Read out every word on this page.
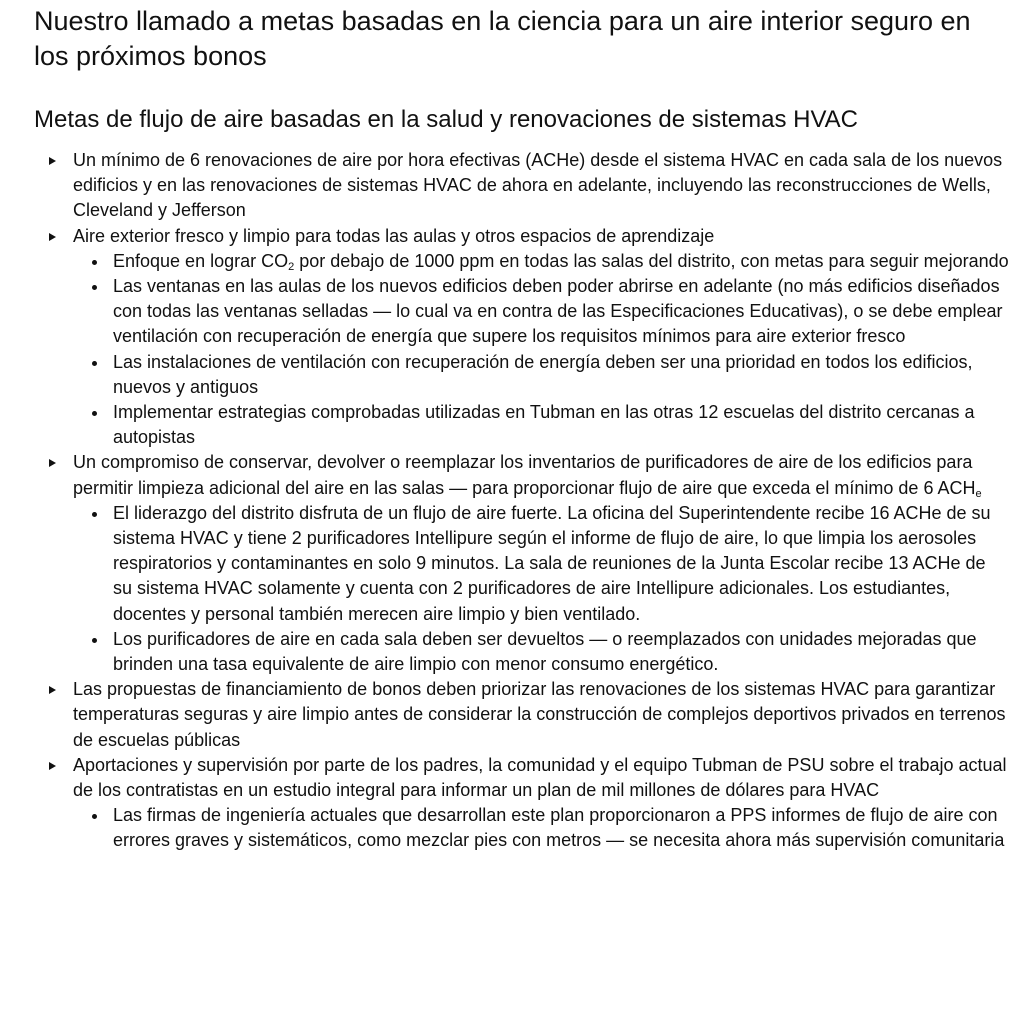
Nuestro llamado a metas basadas en la ciencia para un aire interior seguro en los próximos bonos
Metas de flujo de aire basadas en la salud y renovaciones de sistemas HVAC
Un mínimo de 6 renovaciones de aire por hora efectivas (ACHe) desde el sistema HVAC en cada sala de los nuevos edificios y en las renovaciones de sistemas HVAC de ahora en adelante, incluyendo las reconstrucciones de Wells, Cleveland y Jefferson
Aire exterior fresco y limpio para todas las aulas y otros espacios de aprendizaje
Enfoque en lograr $CO_2$ por debajo de 1000 ppm en todas las salas del distrito, con metas para seguir mejorando
Las ventanas en las aulas de los nuevos edificios deben poder abrirse en adelante (no más edificios diseñados con todas las ventanas selladas — lo cual va en contra de las Especificaciones Educativas), o se debe emplear ventilación con recuperación de energía que supere los requisitos mínimos para aire exterior fresco
Las instalaciones de ventilación con recuperación de energía deben ser una prioridad en todos los edificios, nuevos y antiguos
Implementar estrategias comprobadas utilizadas en Tubman en las otras 12 escuelas del distrito cercanas a autopistas
Un compromiso de conservar, devolver o reemplazar los inventarios de purificadores de aire de los edificios para permitir limpieza adicional del aire en las salas — para proporcionar flujo de aire que exceda el mínimo de 6 $ACH_e$
El liderazgo del distrito disfruta de un flujo de aire fuerte. La oficina del Superintendente recibe 16 ACHe de su sistema HVAC y tiene 2 purificadores Intellipure según el informe de flujo de aire, lo que limpia los aerosoles respiratorios y contaminantes en solo 9 minutos. La sala de reuniones de la Junta Escolar recibe 13 ACHe de su sistema HVAC solamente y cuenta con 2 purificadores de aire Intellipure adicionales. Los estudiantes, docentes y personal también merecen aire limpio y bien ventilado.
Los purificadores de aire en cada sala deben ser devueltos — o reemplazados con unidades mejoradas que brinden una tasa equivalente de aire limpio con menor consumo energético.
Las propuestas de financiamiento de bonos deben priorizar las renovaciones de los sistemas HVAC para garantizar temperaturas seguras y aire limpio antes de considerar la construcción de complejos deportivos privados en terrenos de escuelas públicas
Aportaciones y supervisión por parte de los padres, la comunidad y el equipo Tubman de PSU sobre el trabajo actual de los contratistas en un estudio integral para informar un plan de mil millones de dólares para HVAC
Las firmas de ingeniería actuales que desarrollan este plan proporcionaron a PPS informes de flujo de aire con errores graves y sistemáticos, como mezclar pies con metros — se necesita ahora más supervisión comunitaria
